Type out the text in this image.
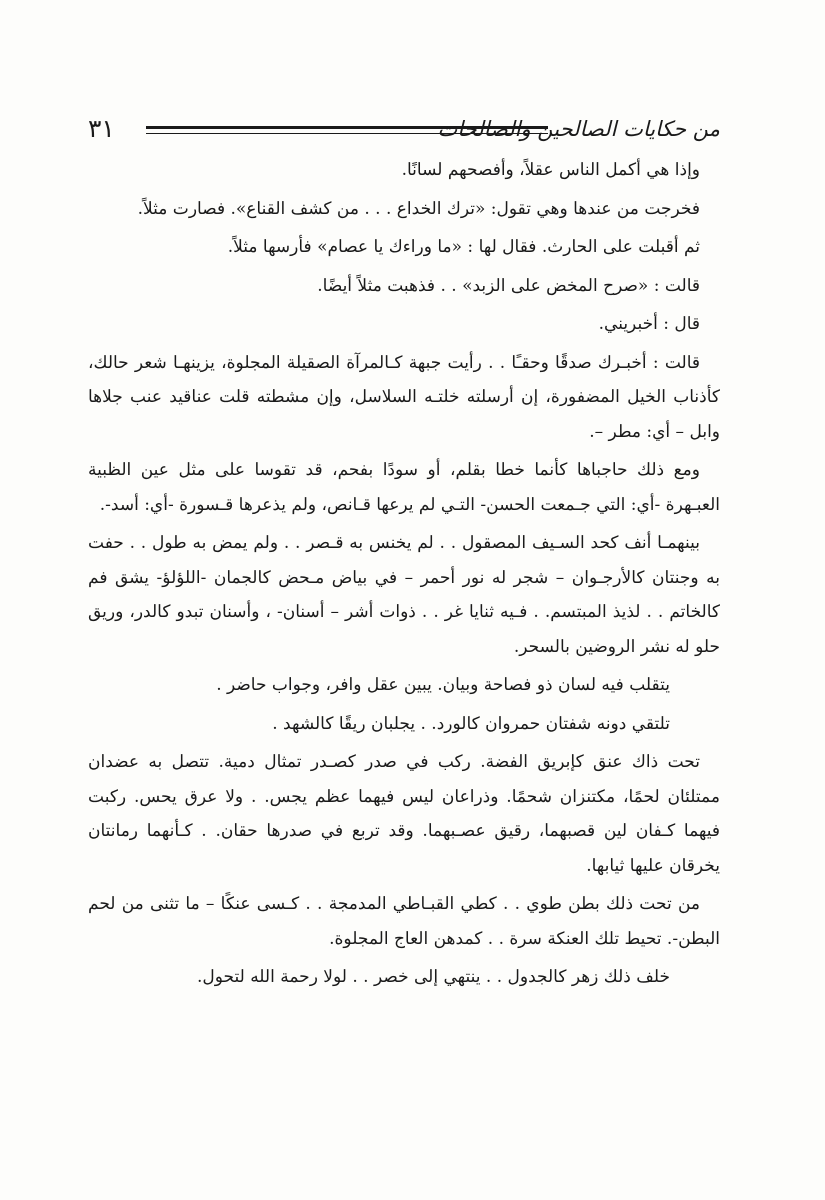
٣١	من حكايات الصالحين والصالحات

وإذا هي أكمل الناس عقلاً، وأفصحهم لسانًا.

فخرجت من عندها وهي تقول: «ترك الخداع . . . من كشف القناع». فصارت مثلاً.

ثم أقبلت على الحارث. فقال لها : «ما وراءك يا عصام» فأرسها مثلاً.

قالت : «صرح المخض على الزبد» . . فذهبت مثلاً أيضًا.

قال : أخبريني.

قالت : أخبـرك صدقًا وحقـًا . . رأيت جبهة كـالمرآة الصقيلة المجلوة، يزينهـا شعر حالك، كأذناب الخيل المضفورة، إن أرسلته خلتـه السلاسل، وإن مشطته قلت عناقيد عنب جلاها وابل – أي: مطر –.

ومع ذلك حاجباها كأنما خطا بقلم، أو سودًا بفحم، قد تقوسا على مثل عين الظبية العبـهرة -أي: التي جـمعت الحسن- التـي لم يرعها قـانص، ولم يذعرها قـسورة -أي: أسد-.

بينهمـا أنف كحد السـيف المصقول . . لم يخنس به قـصر . . ولم يمض به طول . . حفت به وجنتان كالأرجـوان – شجر له نور أحمر – في بياض مـحض كالجمان -اللؤلؤ- يشق فم كالخاتم . . لذيذ المبتسم. . فـيه ثنايا غر . . ذوات أشر – أسنان- ، وأسنان تبدو كالدر، وريق حلو له نشر الروضين بالسحر.

يتقلب فيه لسان ذو فصاحة وبيان. يبين عقل وافر، وجواب حاضر .

تلتقي دونه شفتان حمروان كالورد. . يجلبان ريقًا كالشهد .

تحت ذاك عنق كإبريق الفضة. ركب في صدر كصـدر تمثال دمية. تتصل به عضدان ممتلئان لحمًا، مكتنزان شحمًا. وذراعان ليس فيهما عظم يجس. . ولا عرق يحس. ركبت فيهما كـفان لين قصبهما، رقيق عصـبهما. وقد تربع في صدرها حقان. . كـأنهما رمانتان يخرقان عليها ثيابها.

من تحت ذلك بطن طوي . . كطي القبـاطي المدمجة . . كـسى عنكًا – ما تثنى من لحم البطن-. تحيط تلك العنكة سرة . . كمدهن العاج المجلوة.

خلف ذلك زهر كالجدول . . ينتهي إلى خصر . . لولا رحمة الله لتحول.
